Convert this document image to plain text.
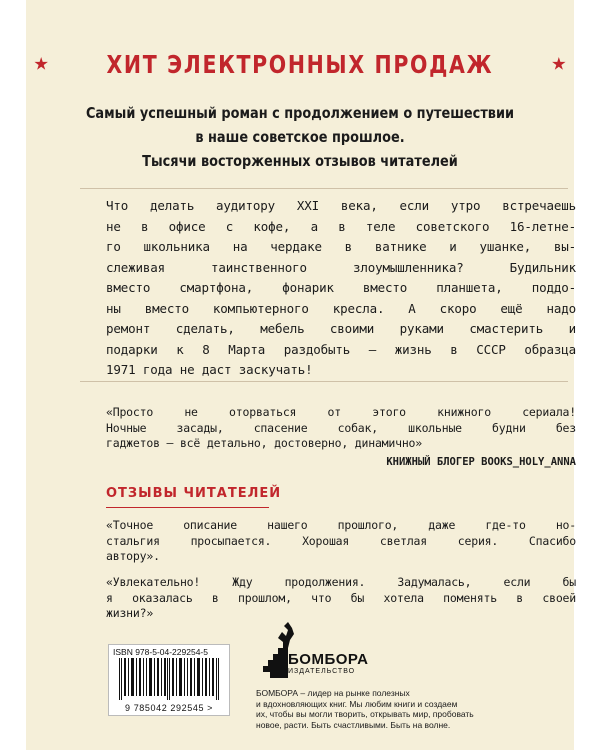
ХИТ ЭЛЕКТРОННЫХ ПРОДАЖ
Самый успешный роман с продолжением о путешествии
в наше советское прошлое.
Тысячи восторженных отзывов читателей
Что делать аудитору XXI века, если утро встречаешь
не в офисе с кофе, а в теле советского 16-летне-
го школьника на чердаке в ватнике и ушанке, вы-
слеживая таинственного злоумышленника? Будильник
вместо смартфона, фонарик вместо планшета, поддо-
ны вместо компьютерного кресла. А скоро ещё надо
ремонт сделать, мебель своими руками смастерить и
подарки к 8 Марта раздобыть — жизнь в СССР образца
1971 года не даст заскучать!
«Просто не оторваться от этого книжного сериала!
Ночные засады, спасение собак, школьные будни без
гаджетов — всё детально, достоверно, динамично»
КНИЖНЫЙ БЛОГЕР BOOKS_HOLY_ANNA
ОТЗЫВЫ ЧИТАТЕЛЕЙ
«Точное описание нашего прошлого, даже где-то но-
стальгия просыпается. Хорошая светлая серия. Спасибо
автору».
«Увлекательно! Жду продолжения. Задумалась, если бы
я оказалась в прошлом, что бы хотела поменять в своей
жизни?»
ISBN 978-5-04-229254-5
9 785042 292545 >
БОМБОРА
ИЗДАТЕЛЬСТВО
БОМБОРА – лидер на рынке полезных
и вдохновляющих книг. Мы любим книги и создаем
их, чтобы вы могли творить, открывать мир, пробовать
новое, расти. Быть счастливыми. Быть на волне.
